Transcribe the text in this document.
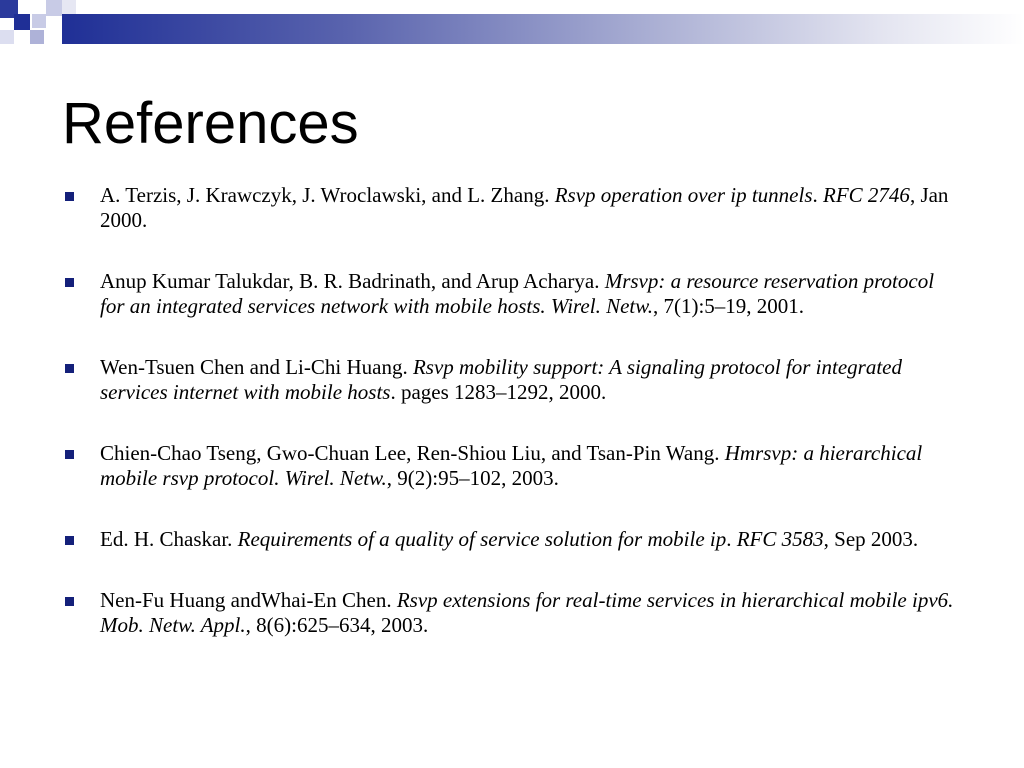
References
A. Terzis, J. Krawczyk, J. Wroclawski, and L. Zhang. Rsvp operation over ip tunnels. RFC 2746, Jan 2000.
Anup Kumar Talukdar, B. R. Badrinath, and Arup Acharya. Mrsvp: a resource reservation protocol for an integrated services network with mobile hosts. Wirel. Netw., 7(1):5–19, 2001.
Wen-Tsuen Chen and Li-Chi Huang. Rsvp mobility support: A signaling protocol for integrated services internet with mobile hosts. pages 1283–1292, 2000.
Chien-Chao Tseng, Gwo-Chuan Lee, Ren-Shiou Liu, and Tsan-Pin Wang. Hmrsvp: a hierarchical mobile rsvp protocol. Wirel. Netw., 9(2):95–102, 2003.
Ed. H. Chaskar. Requirements of a quality of service solution for mobile ip. RFC 3583, Sep 2003.
Nen-Fu Huang andWhai-En Chen. Rsvp extensions for real-time services in hierarchical mobile ipv6. Mob. Netw. Appl., 8(6):625–634, 2003.
